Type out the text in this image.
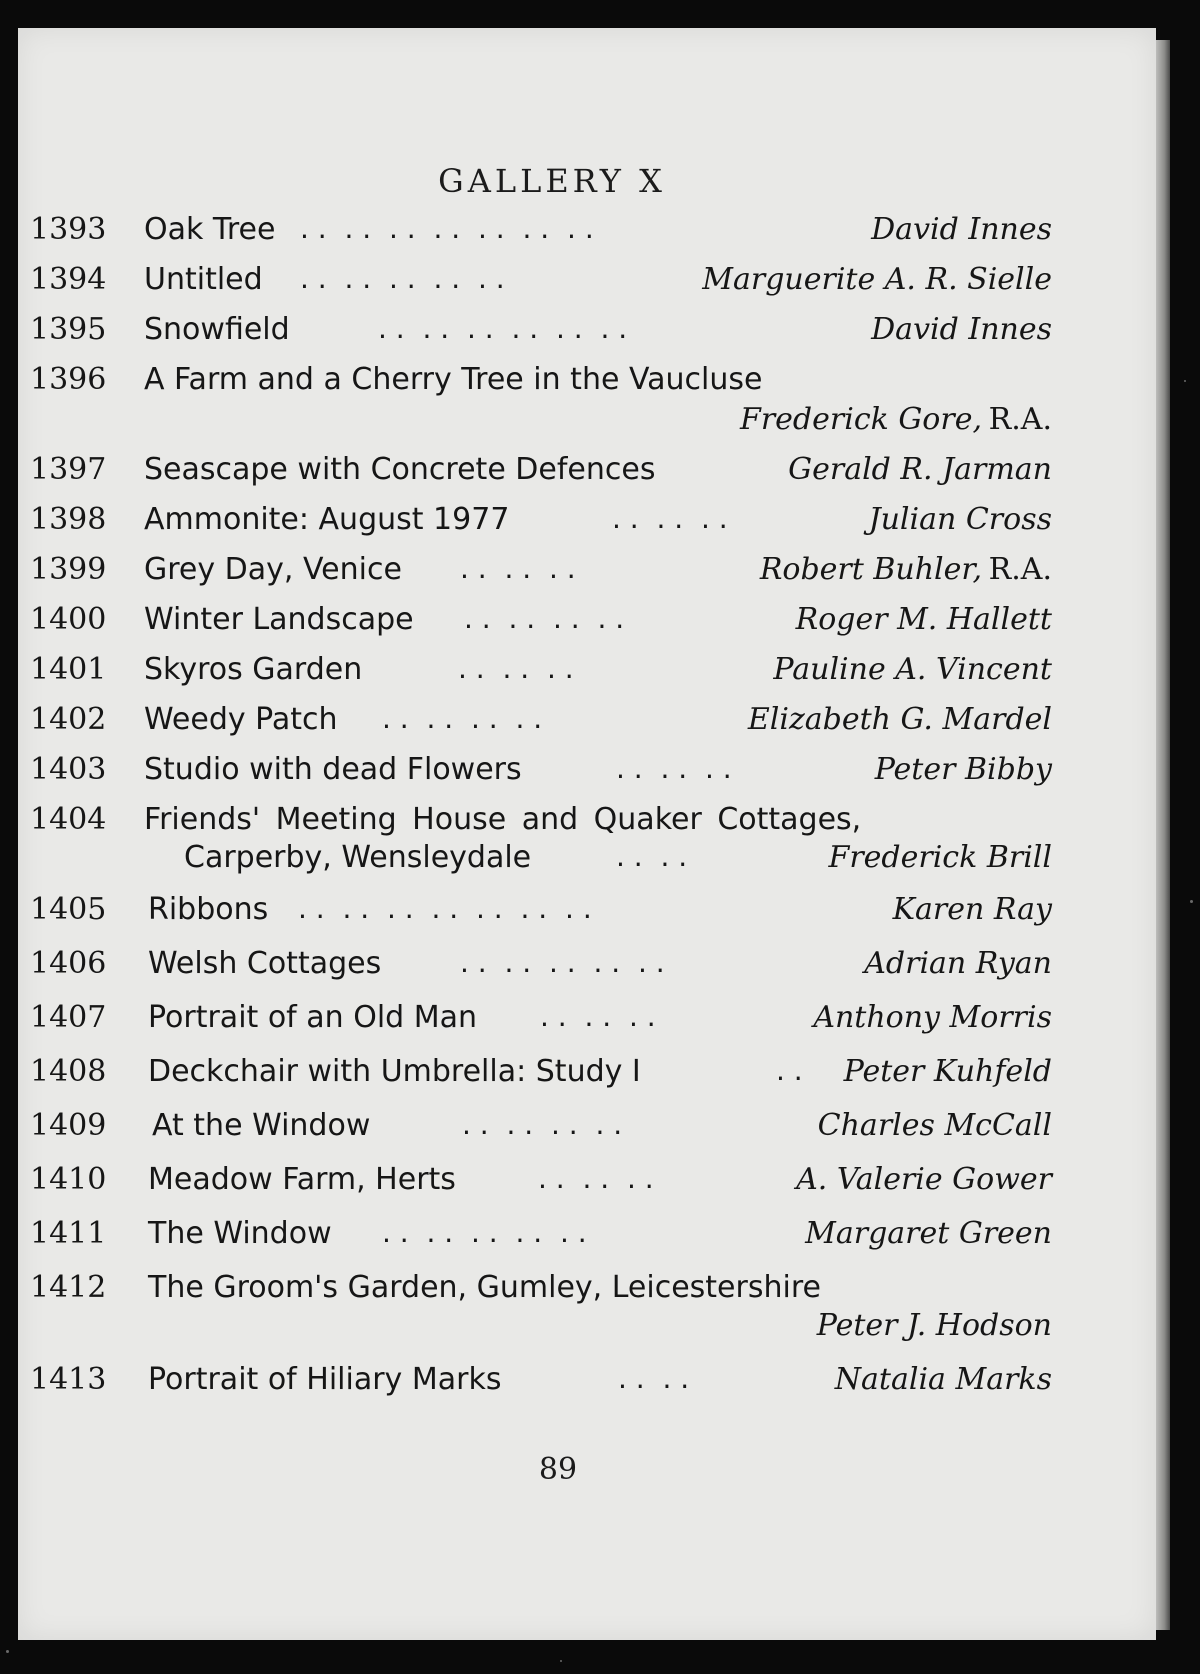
GALLERY X
1393 Oak Tree . .  . .  . .  . .  . .  . .  . .	David Innes
1394 Untitled . .  . .  . .  . .  . .	Marguerite A. R. Sielle
1395 Snowfield	. .  . .  . .  . .  . .  . .	David Innes
1396 A Farm and a Cherry Tree in the Vaucluse
Frederick Gore, R.A.
1397 Seascape with Concrete Defences	Gerald R. Jarman
1398 Ammonite: August 1977	. .  . .  . .	Julian Cross
1399 Grey Day, Venice . .  . .  . .	Robert Buhler, R.A.
1400 Winter Landscape . .  . .  . .  . .	Roger M. Hallett
1401 Skyros Garden	. .  . .  . .	Pauline A. Vincent
1402 Weedy Patch . .  . .  . .  . .	Elizabeth G. Mardel
1403 Studio with dead Flowers	. .  . .  . .	Peter Bibby
1404 Friends' Meeting House and Quaker Cottages,
Carperby, Wensleydale	. .  . .	Frederick Brill
1405 Ribbons . .  . .  . .  . .  . .  . .  . .	Karen Ray
1406 Welsh Cottages	. .  . .  . .  . .  . .	Adrian Ryan
1407 Portrait of an Old Man . .  . .  . .	Anthony Morris
1408 Deckchair with Umbrella: Study I	. . Peter Kuhfeld
1409 At the Window	. .  . .  . .  . .	Charles McCall
1410 Meadow Farm, Herts	. .  . .  . .	A. Valerie Gower
1411 The Window . .  . .  . .  . .  . .	Margaret Green
1412 The Groom's Garden, Gumley, Leicestershire
Peter J. Hodson
1413 Portrait of Hiliary Marks	. .  . .	Natalia Marks
89
